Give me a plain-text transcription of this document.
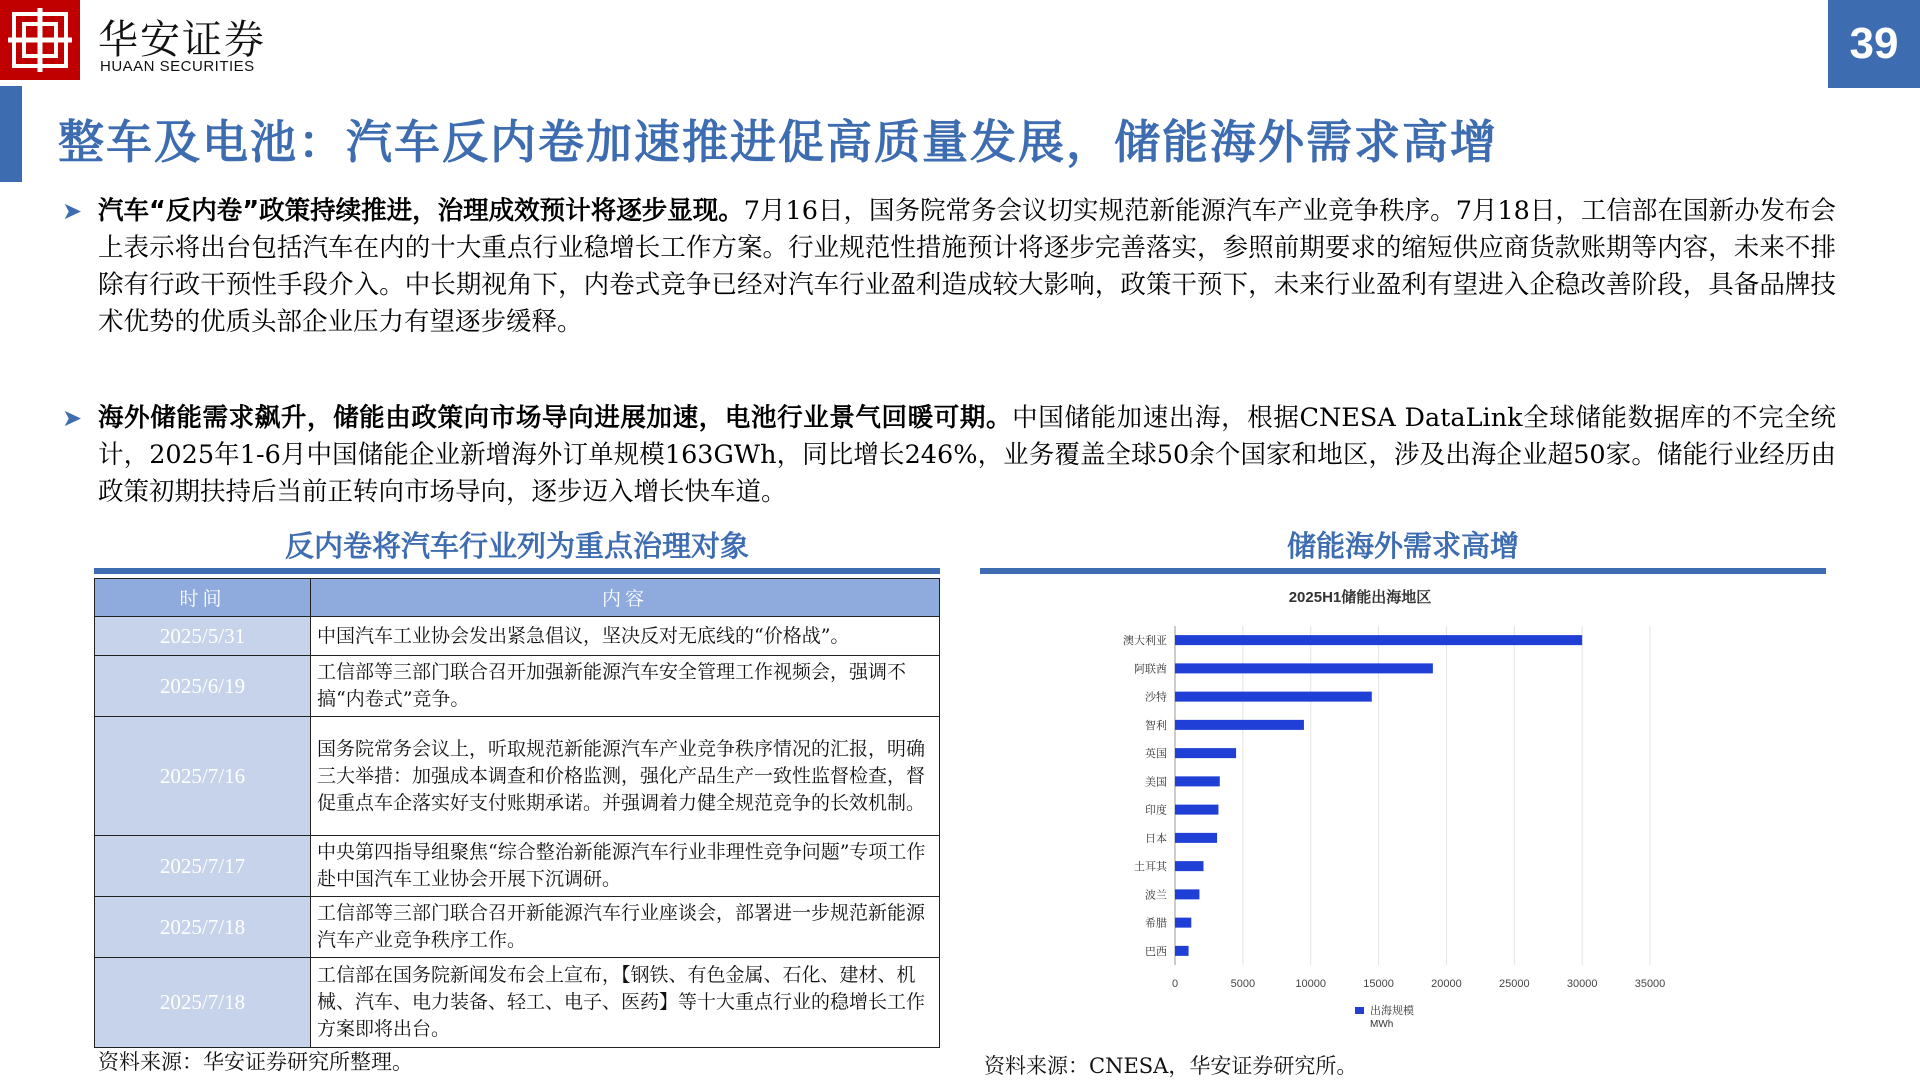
华安证券
HUAAN SECURITIES	39
整车及电池：汽车反内卷加速推进促高质量发展，储能海外需求高增
➤ 汽车“反内卷”政策持续推进，治理成效预计将逐步显现。7月16日，国务院常务会议切实规范新能源汽车产业竞争秩序。7月18日，工信部在国新办发布会上表示将出台包括汽车在内的十大重点行业稳增长工作方案。行业规范性措施预计将逐步完善落实，参照前期要求的缩短供应商货款账期等内容，未来不排除有行政干预性手段介入。中长期视角下，内卷式竞争已经对汽车行业盈利造成较大影响，政策干预下，未来行业盈利有望进入企稳改善阶段，具备品牌技术优势的优质头部企业压力有望逐步缓释。
➤ 海外储能需求飙升，储能由政策向市场导向进展加速，电池行业景气回暖可期。中国储能加速出海，根据CNESA DataLink全球储能数据库的不完全统计，2025年1-6月中国储能企业新增海外订单规模163GWh，同比增长246%，业务覆盖全球50余个国家和地区，涉及出海企业超50家。储能行业经历由政策初期扶持后当前正转向市场导向，逐步迈入增长快车道。
反内卷将汽车行业列为重点治理对象
时间	内容
2025/5/31	中国汽车工业协会发出紧急倡议，坚决反对无底线的“价格战”。
2025/6/19	工信部等三部门联合召开加强新能源汽车安全管理工作视频会，强调不搞“内卷式”竞争。
2025/7/16	国务院常务会议上，听取规范新能源汽车产业竞争秩序情况的汇报，明确三大举措：加强成本调查和价格监测，强化产品生产一致性监督检查，督促重点车企落实好支付账期承诺。并强调着力健全规范竞争的长效机制。
2025/7/17	中央第四指导组聚焦“综合整治新能源汽车行业非理性竞争问题”专项工作赴中国汽车工业协会开展下沉调研。
2025/7/18	工信部等三部门联合召开新能源汽车行业座谈会，部署进一步规范新能源汽车产业竞争秩序工作。
2025/7/18	工信部在国务院新闻发布会上宣布，【钢铁、有色金属、石化、建材、机械、汽车、电力装备、轻工、电子、医药】等十大重点行业的稳增长工作方案即将出台。
资料来源：华安证券研究所整理。
储能海外需求高增
2025H1储能出海地区
0	5000	10000	15000	20000	25000	30000	35000
澳大利亚
阿联酋
沙特
智利
英国
美国
印度
日本
土耳其
波兰
希腊
巴西
出海规模
MWh
资料来源：CNESA，华安证券研究所。
